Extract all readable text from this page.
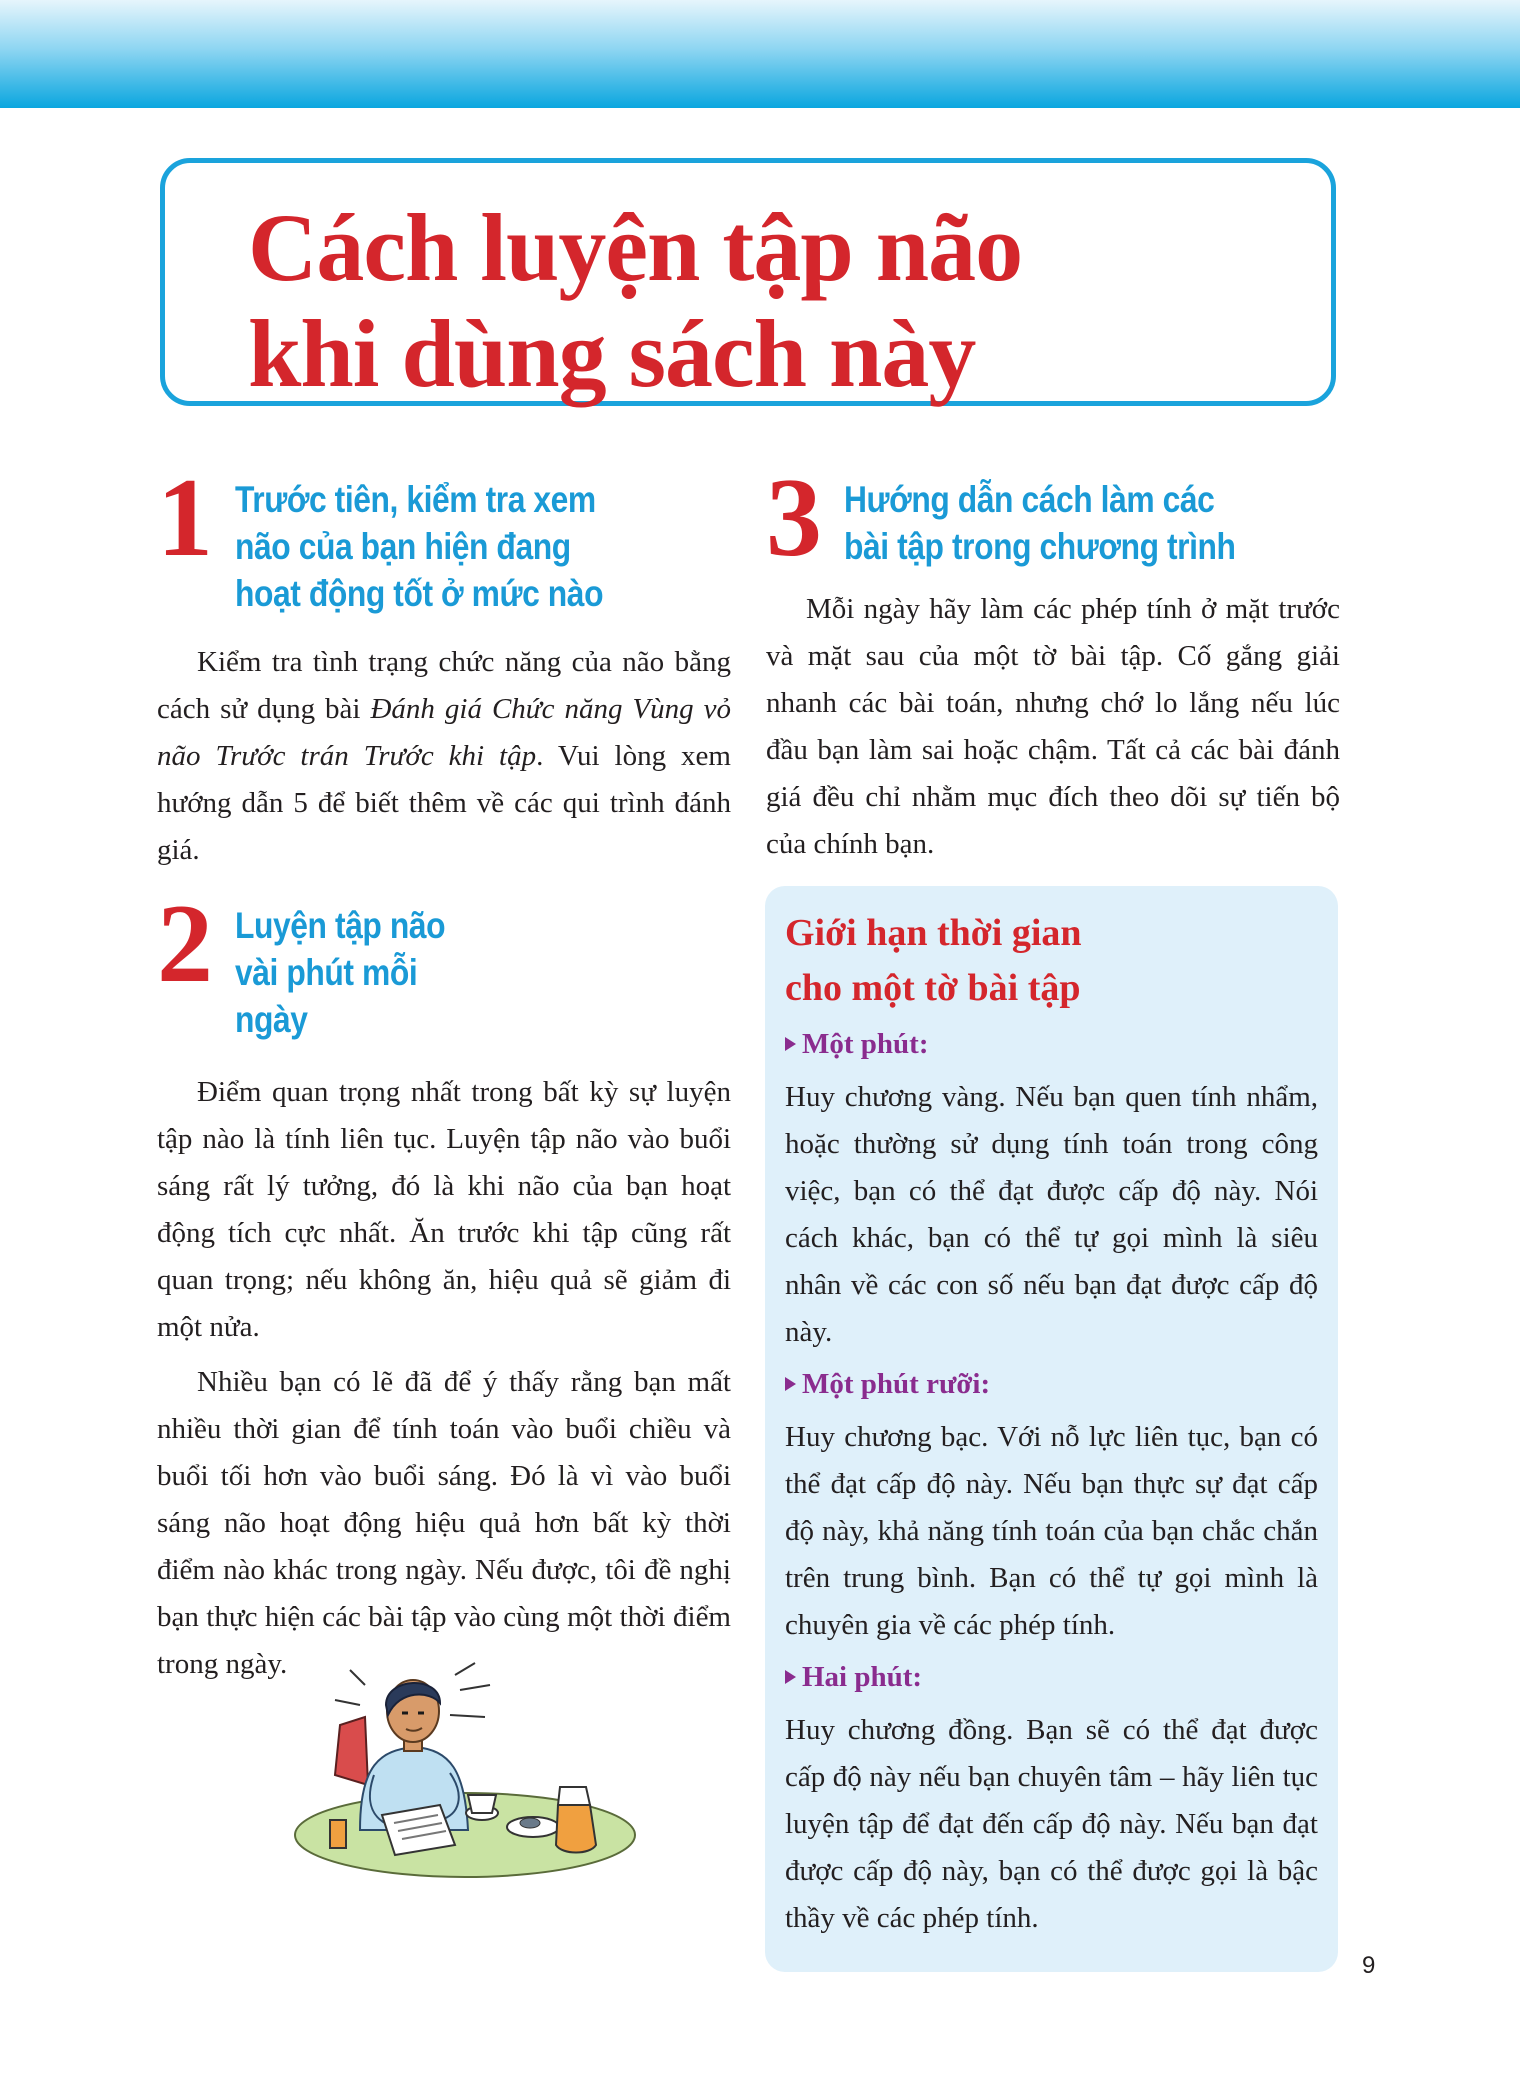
Cách luyện tập não
khi dùng sách này
1 Trước tiên, kiểm tra xem não của bạn hiện đang hoạt động tốt ở mức nào

Kiểm tra tình trạng chức năng của não bằng cách sử dụng bài Đánh giá Chức năng Vùng vỏ não Trước trán Trước khi tập. Vui lòng xem hướng dẫn 5 để biết thêm về các qui trình đánh giá.

2 Luyện tập não vài phút mỗi ngày

Điểm quan trọng nhất trong bất kỳ sự luyện tập nào là tính liên tục. Luyện tập não vào buổi sáng rất lý tưởng, đó là khi não của bạn hoạt động tích cực nhất. Ăn trước khi tập cũng rất quan trọng; nếu không ăn, hiệu quả sẽ giảm đi một nửa.

Nhiều bạn có lẽ đã để ý thấy rằng bạn mất nhiều thời gian để tính toán vào buổi chiều và buổi tối hơn vào buổi sáng. Đó là vì vào buổi sáng não hoạt động hiệu quả hơn bất kỳ thời điểm nào khác trong ngày. Nếu được, tôi đề nghị bạn thực hiện các bài tập vào cùng một thời điểm trong ngày.

3 Hướng dẫn cách làm các bài tập trong chương trình

Mỗi ngày hãy làm các phép tính ở mặt trước và mặt sau của một tờ bài tập. Cố gắng giải nhanh các bài toán, nhưng chớ lo lắng nếu lúc đầu bạn làm sai hoặc chậm. Tất cả các bài đánh giá đều chỉ nhằm mục đích theo dõi sự tiến bộ của chính bạn.

Giới hạn thời gian
cho một tờ bài tập
Một phút:

Huy chương vàng. Nếu bạn quen tính nhẩm, hoặc thường sử dụng tính toán trong công việc, bạn có thể đạt được cấp độ này. Nói cách khác, bạn có thể tự gọi mình là siêu nhân về các con số nếu bạn đạt được cấp độ này.

Một phút rưỡi:

Huy chương bạc. Với nỗ lực liên tục, bạn có thể đạt cấp độ này. Nếu bạn thực sự đạt cấp độ này, khả năng tính toán của bạn chắc chắn trên trung bình. Bạn có thể tự gọi mình là chuyên gia về các phép tính.

Hai phút:

Huy chương đồng. Bạn sẽ có thể đạt được cấp độ này nếu bạn chuyên tâm – hãy liên tục luyện tập để đạt đến cấp độ này. Nếu bạn đạt được cấp độ này, bạn có thể được gọi là bậc thầy về các phép tính.

9
